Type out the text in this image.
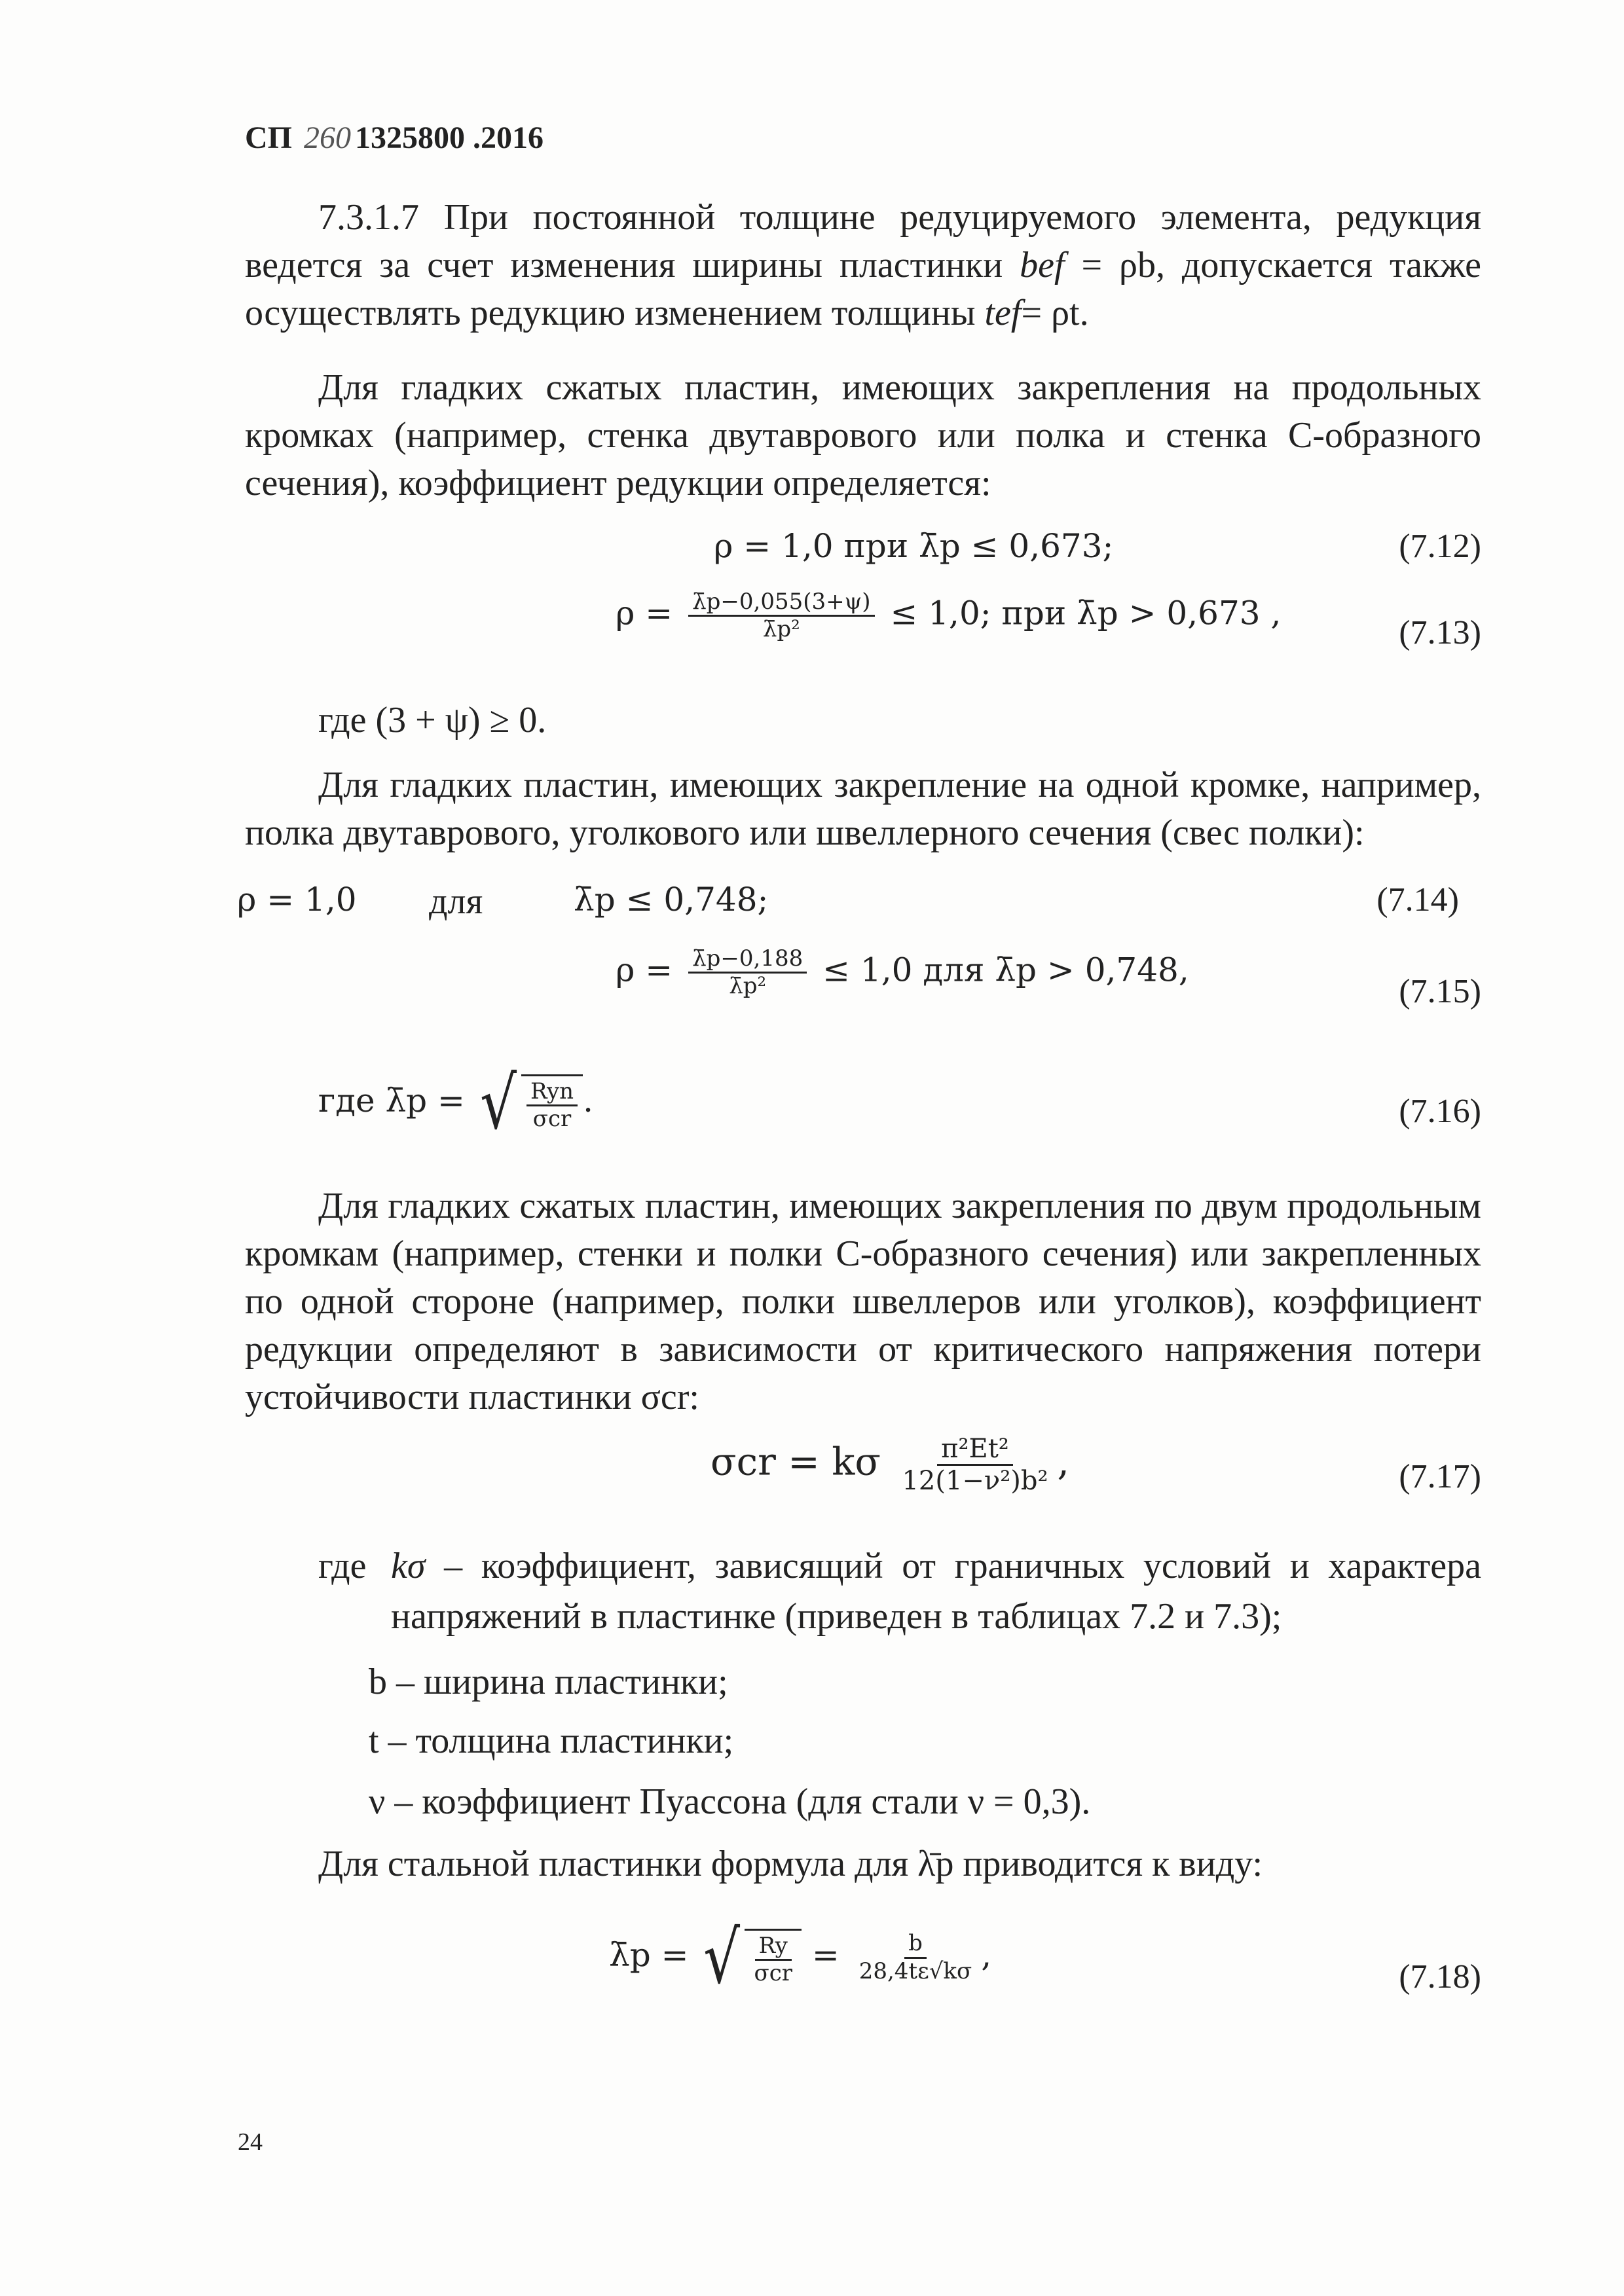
СП 260 1325800 .2016
7.3.1.7 При постоянной толщине редуцируемого элемента, редукция
ведется за счет изменения ширины пластинки bef = ρb, допускается также
осуществлять редукцию изменением толщины tef= ρt.
Для гладких сжатых пластин, имеющих закрепления на продольных кромках (например, стенка двутаврового или полка и стенка C-образного сечения), коэффициент редукции определяется:
ρ = 1,0 при λ̄p ≤ 0,673;	(7.12)
$\rho = \frac{\lambdāp-0,055(3+\psi)}{\text{λ̄p²}} \le 1,0$; при λ̄p > 0,673 ,
(7.13)
где (3 + ψ) ≥ 0.
Для гладких пластин, имеющих закрепление на одной кромке, например, полка двутаврового, уголкового или швеллерного сечения (свес полки):
ρ = 1,0 для	λ̄p ≤ 0,748;	(7.14)
$\rho = \frac{\lambdāp-0,188}{\text{λ̄p²}} \le 1,0$ для λ̄p > 0,748,
(7.15)
где λ̄p = √ $\frac{\text{Ryn}}{\text{σcr}}$ .	(7.16)
Для гладких сжатых пластин, имеющих закрепления по двум продольным кромкам (например, стенки и полки C-образного сечения) или закрепленных по одной стороне (например, полки швеллеров или уголков), коэффициент редукции определяют в зависимости от критического напряжения потери устойчивости пластинки σcr:
σcr = kσ $\frac{\text{π²Et²}}{\text{12(1−ν²)b²}}$ ,	(7.17)
где kσ – коэффициент, зависящий от граничных условий и характера
напряжений в пластинке (приведен в таблицах 7.2 и 7.3);
b – ширина пластинки;
t – толщина пластинки;
ν – коэффициент Пуассона (для стали ν = 0,3).
Для стальной пластинки формула для λ̄p приводится к виду:
λ̄p = √ $\frac{Ry}{\text{σcr}} = \frac{b}{28,4t\varepsilon√k\sigma}$ ,
(7.18)
24
